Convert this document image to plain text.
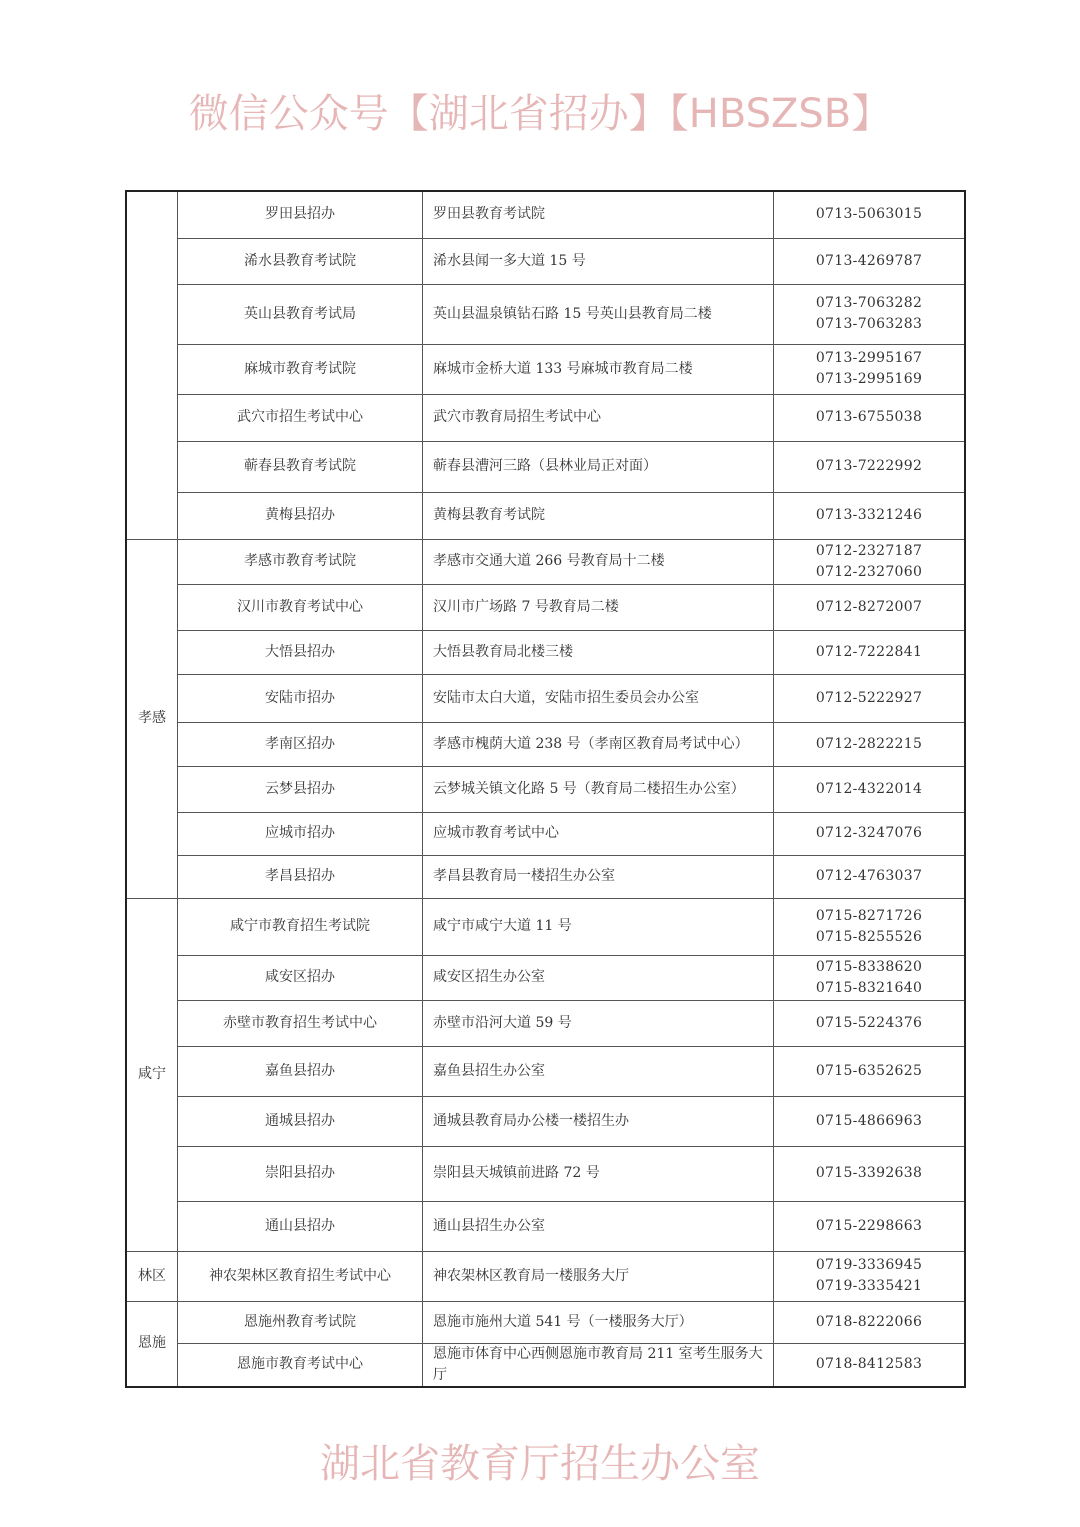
微信公众号【湖北省招办】【HBSZSB】
	罗田县招办	罗田县教育考试院	0713-5063015

	浠水县教育考试院	浠水县闻一多大道 15 号	0713-4269787

	英山县教育考试局	英山县温泉镇钻石路 15 号英山县教育局二楼	0713-7063282
0713-7063283

	麻城市教育考试院	麻城市金桥大道 133 号麻城市教育局二楼	0713-2995167
0713-2995169

	武穴市招生考试中心	武穴市教育局招生考试中心	0713-6755038

	蕲春县教育考试院	蕲春县漕河三路（县林业局正对面）	0713-7222992

	黄梅县招办	黄梅县教育考试院	0713-3321246

孝感	孝感市教育考试院	孝感市交通大道 266 号教育局十二楼	0712-2327187
0712-2327060

	汉川市教育考试中心	汉川市广场路 7 号教育局二楼	0712-8272007

	大悟县招办	大悟县教育局北楼三楼	0712-7222841

	安陆市招办	安陆市太白大道，安陆市招生委员会办公室	0712-5222927

	孝南区招办	孝感市槐荫大道 238 号（孝南区教育局考试中心）	0712-2822215

	云梦县招办	云梦城关镇文化路 5 号（教育局二楼招生办公室）	0712-4322014

	应城市招办	应城市教育考试中心	0712-3247076

	孝昌县招办	孝昌县教育局一楼招生办公室	0712-4763037

咸宁	咸宁市教育招生考试院	咸宁市咸宁大道 11 号	0715-8271726
0715-8255526

	咸安区招办	咸安区招生办公室	0715-8338620
0715-8321640

	赤壁市教育招生考试中心	赤壁市沿河大道 59 号	0715-5224376

	嘉鱼县招办	嘉鱼县招生办公室	0715-6352625

	通城县招办	通城县教育局办公楼一楼招生办	0715-4866963

	崇阳县招办	崇阳县天城镇前进路 72 号	0715-3392638

	通山县招办	通山县招生办公室	0715-2298663

林区	神农架林区教育招生考试中心	神农架林区教育局一楼服务大厅	0719-3336945
0719-3335421

恩施	恩施州教育考试院	恩施市施州大道 541 号（一楼服务大厅）	0718-8222066

	恩施市教育考试中心	恩施市体育中心西侧恩施市教育局 211 室考生服务大厅	0718-8412583
湖北省教育厅招生办公室
